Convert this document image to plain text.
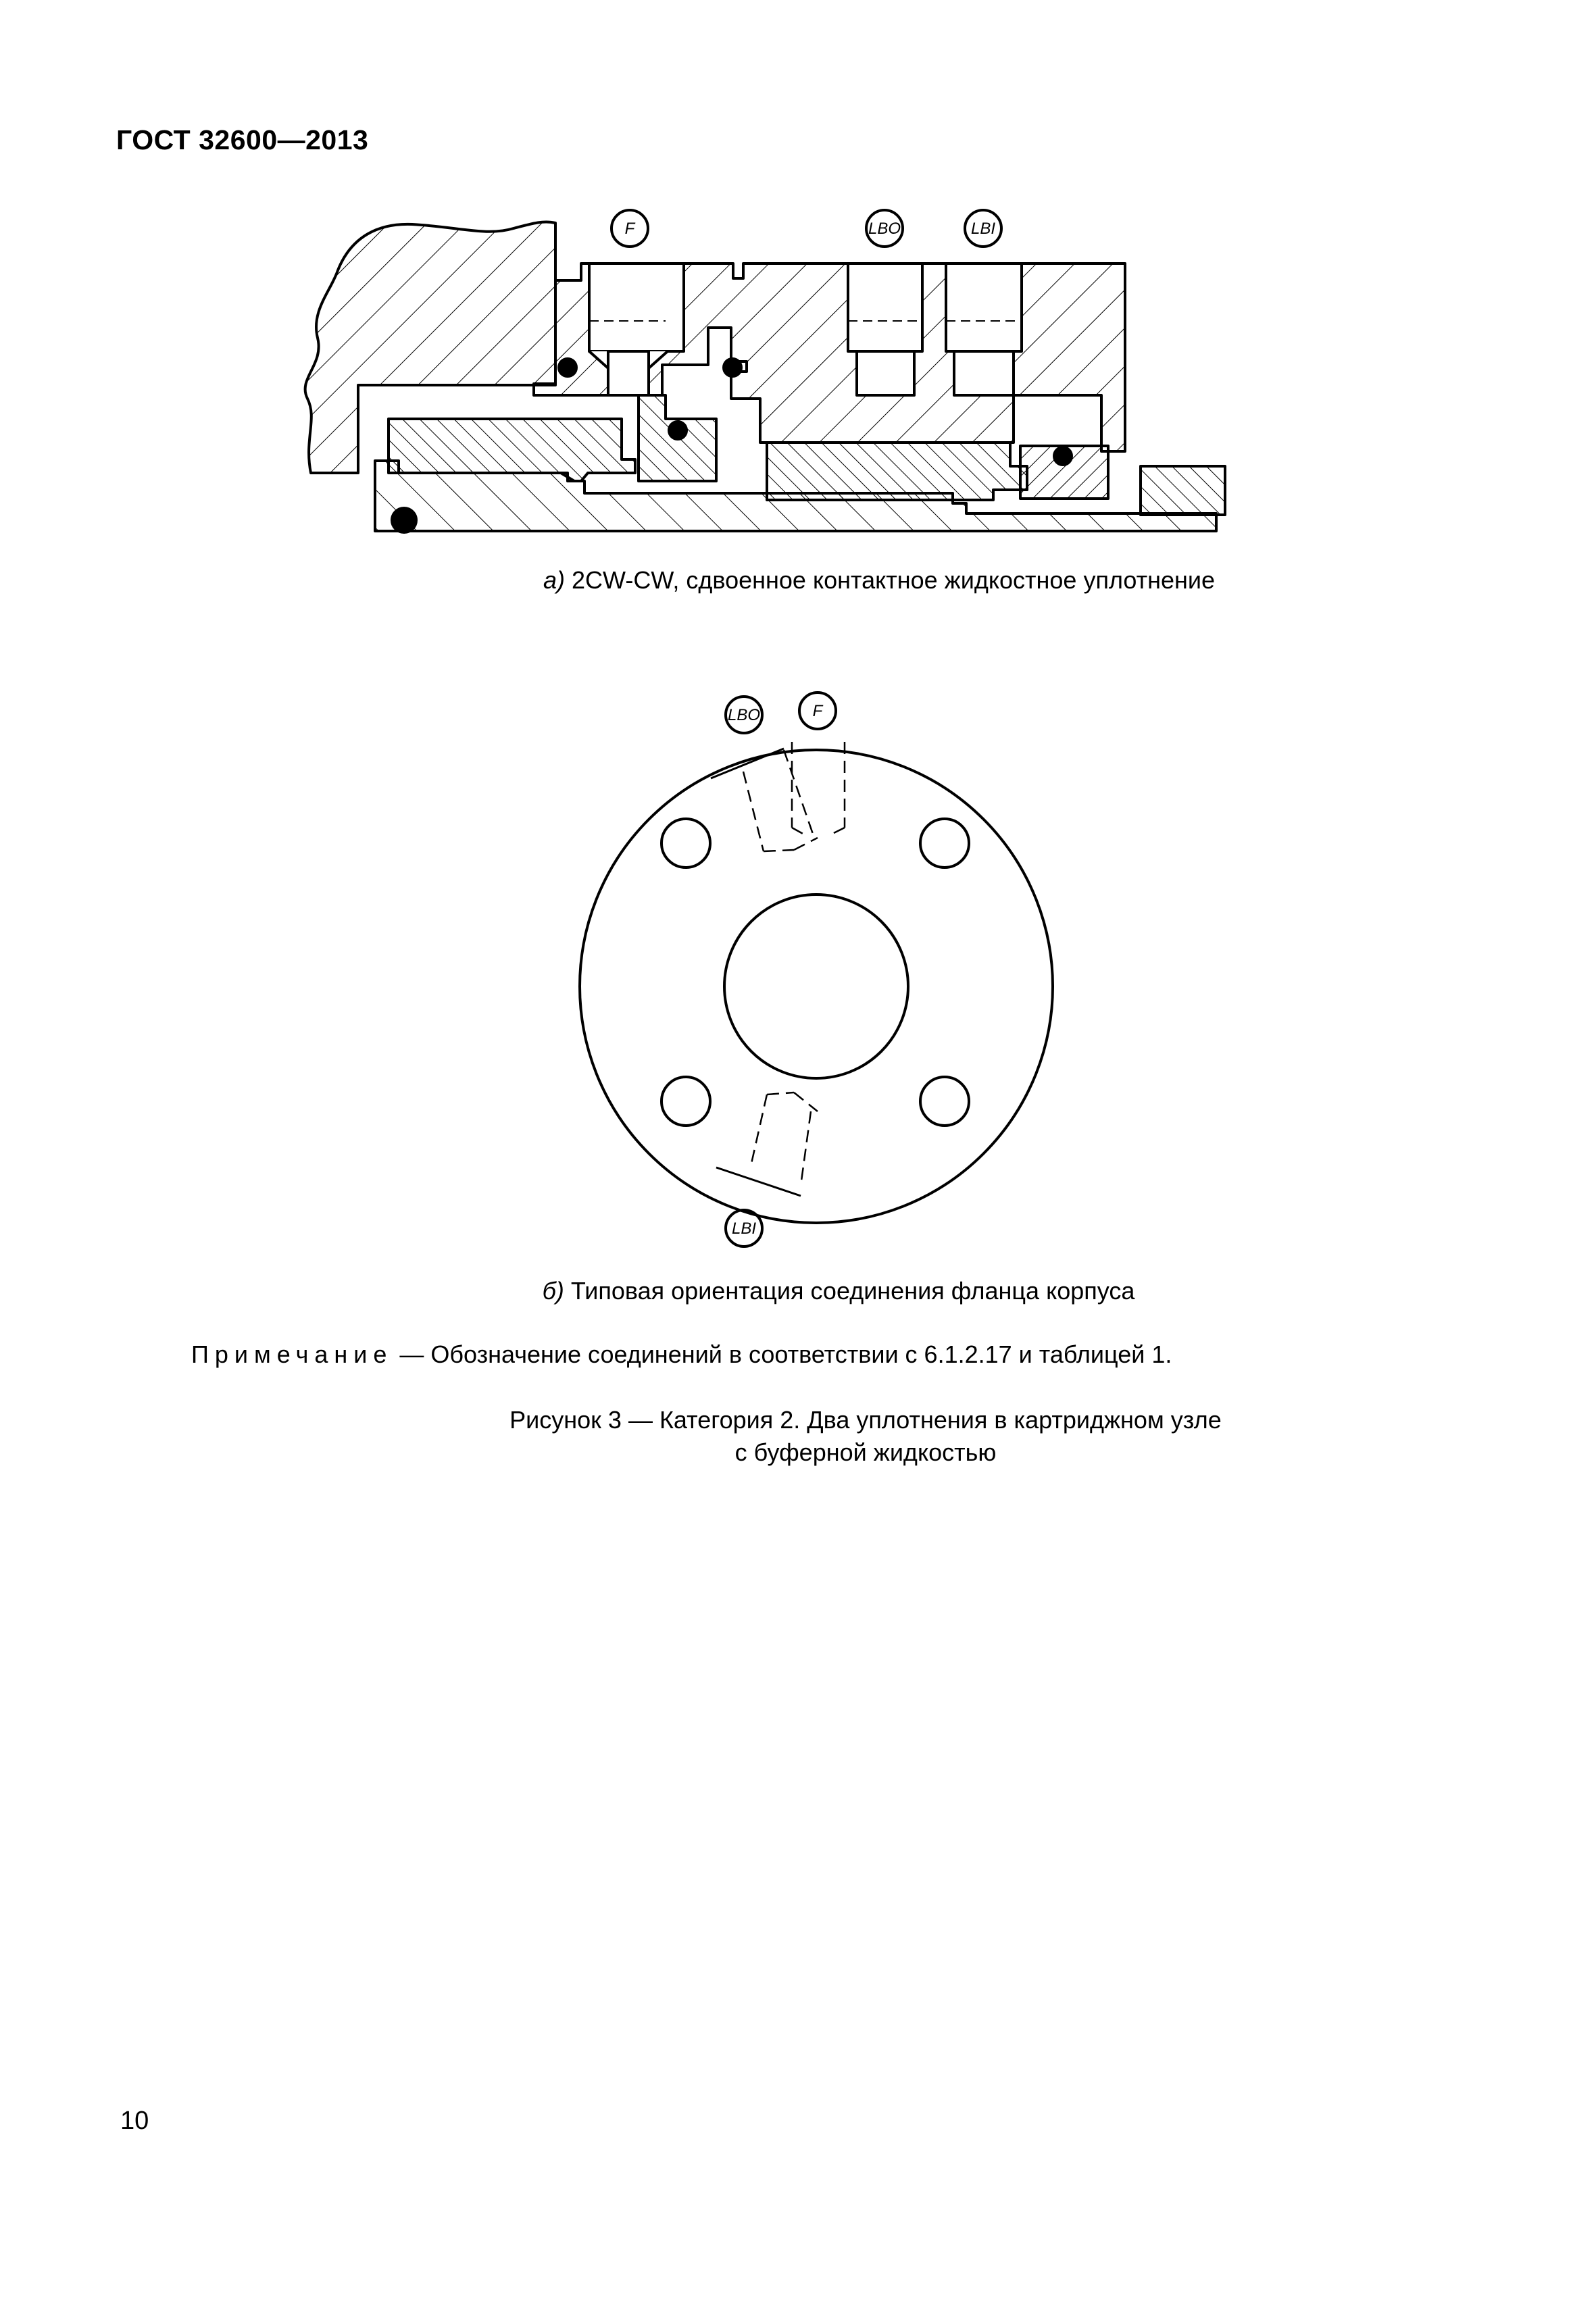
ГОСТ 32600—2013
F	LBO	LBI
LBO	F
LBI
а) 2CW-CW, сдвоенное контактное жидкостное уплотнение
б) Типовая ориентация соединения фланца корпуса
Примечание — Обозначение соединений в соответствии с 6.1.2.17 и таблицей 1.
Рисунок 3 — Категория 2. Два уплотнения в картриджном узле
с буферной жидкостью
10
